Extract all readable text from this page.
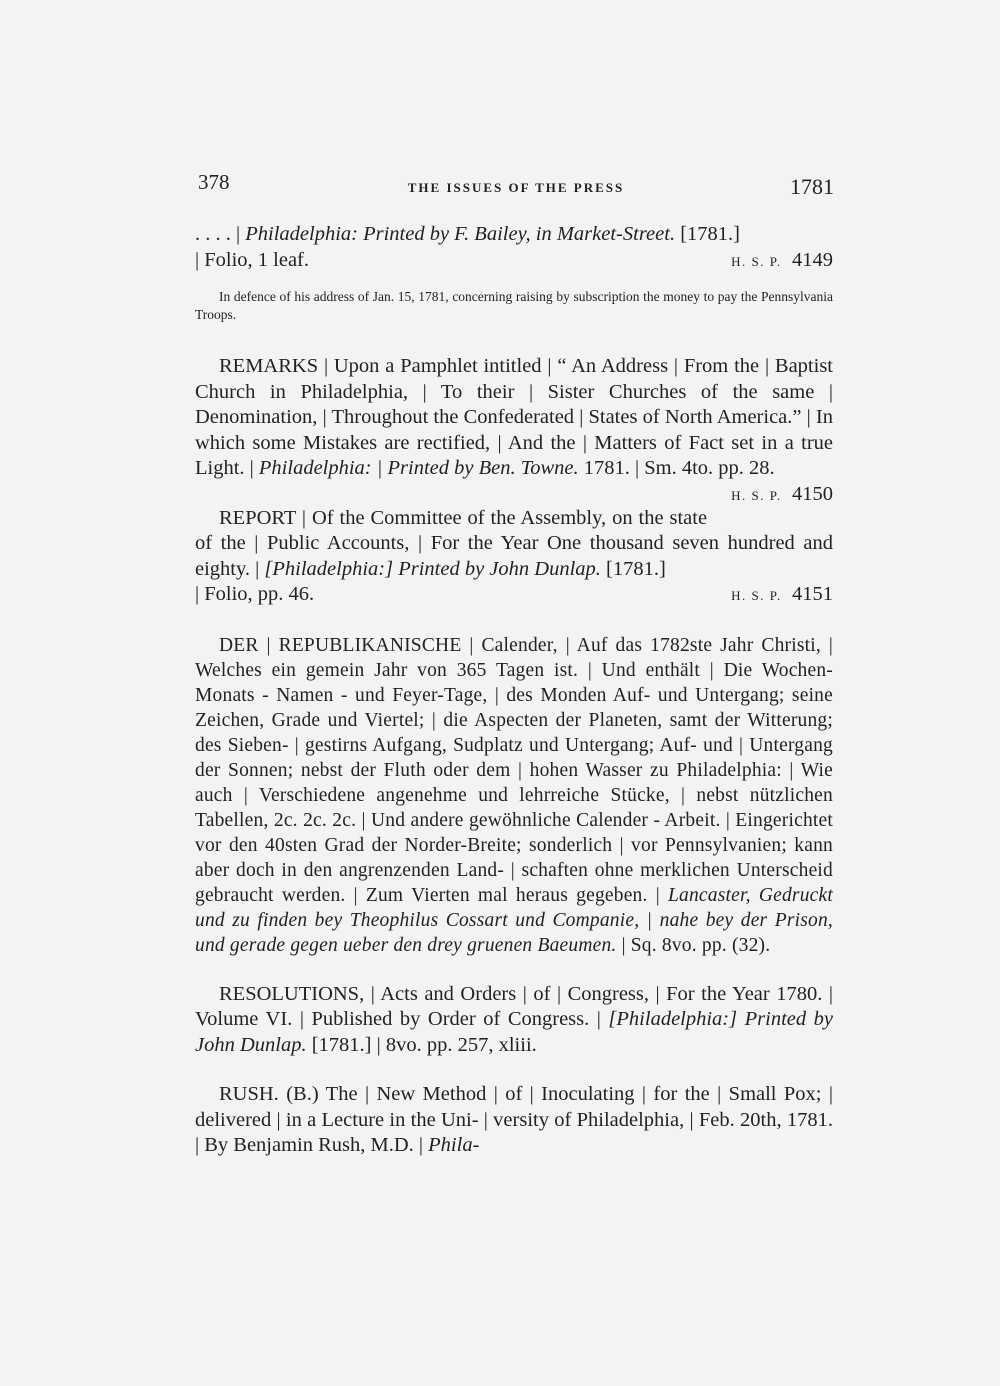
378	THE ISSUES OF THE PRESS	1781

. . . . | Philadelphia: Printed by F. Bailey, in Market-Street. [1781.]

| Folio, 1 leaf.	H. S. P. 4149

In defence of his address of Jan. 15, 1781, concerning raising by subscription the money to pay the Pennsylvania Troops.

REMARKS | Upon a Pamphlet intitled | “ An Address | From the | Baptist Church in Philadelphia, | To their | Sister Churches of the same | Denomination, | Throughout the Confederated | States of North America.” | In which some Mistakes are rectified, | And the | Matters of Fact set in a true Light. | Philadelphia: | Printed by Ben. Towne. 1781. | Sm. 4to. pp. 28.
H. S. P. 4150

REPORT | Of the Committee of the Assembly, on the state of the | Public Accounts, | For the Year One thousand seven hundred and eighty. | [Philadelphia:] Printed by John Dunlap. [1781.]

| Folio, pp. 46.	H. S. P. 4151

DER | REPUBLIKANISCHE | Calender, | Auf das 1782ste Jahr Christi, | Welches ein gemein Jahr von 365 Tagen ist. | Und enthält | Die Wochen- Monats - Namen - und Feyer-Tage, | des Monden Auf- und Untergang; seine Zeichen, Grade und Viertel; | die Aspecten der Planeten, samt der Witterung; des Sieben- | gestirns Aufgang, Sudplatz und Untergang; Auf- und | Untergang der Sonnen; nebst der Fluth oder dem | hohen Wasser zu Philadelphia: | Wie auch | Verschiedene angenehme und lehrreiche Stücke, | nebst nützlichen Tabellen, 2c. 2c. 2c. | Und andere gewöhnliche Calender - Arbeit. | Eingerichtet vor den 40sten Grad der Norder-Breite; sonderlich | vor Pennsylvanien; kann aber doch in den angrenzenden Land- | schaften ohne merklichen Unterscheid gebraucht werden. | Zum Vierten mal heraus gegeben. | Lancaster, Gedruckt und zu finden bey Theophilus Cossart und Companie, | nahe bey der Prison, und gerade gegen ueber den drey gruenen Baeumen. | Sq. 8vo. pp. (32).

RESOLUTIONS, | Acts and Orders | of | Congress, | For the Year 1780. | Volume VI. | Published by Order of Congress. | [Philadelphia:] Printed by John Dunlap. [1781.] | 8vo. pp. 257, xliii.

RUSH. (B.) The | New Method | of | Inoculating | for the | Small Pox; | delivered | in a Lecture in the Uni- | versity of Philadelphia, | Feb. 20th, 1781. | By Benjamin Rush, M.D. | Phila-
